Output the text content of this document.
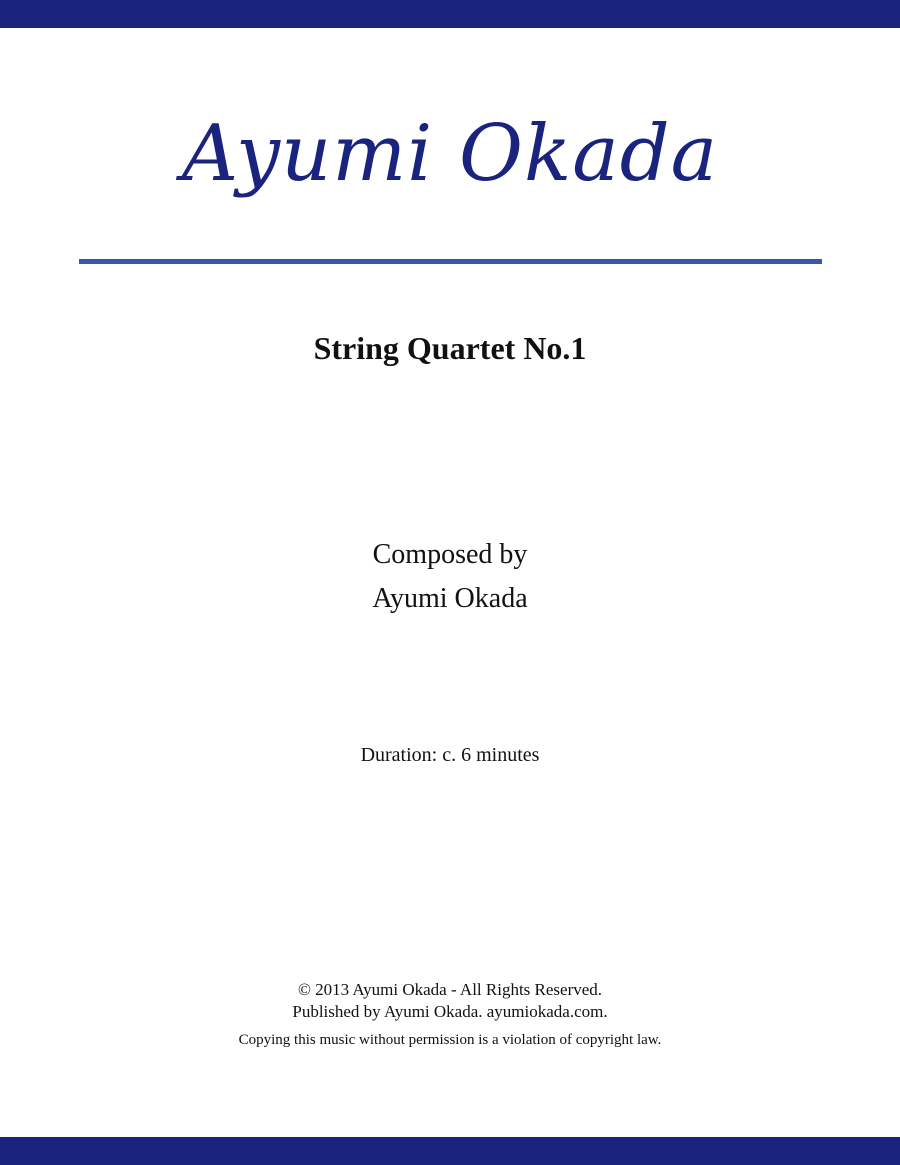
Ayumi Okada
String Quartet No.1
Composed by
Ayumi Okada
Duration: c. 6 minutes
© 2013 Ayumi Okada - All Rights Reserved.
Published by Ayumi Okada. ayumiokada.com.
Copying this music without permission is a violation of copyright law.
